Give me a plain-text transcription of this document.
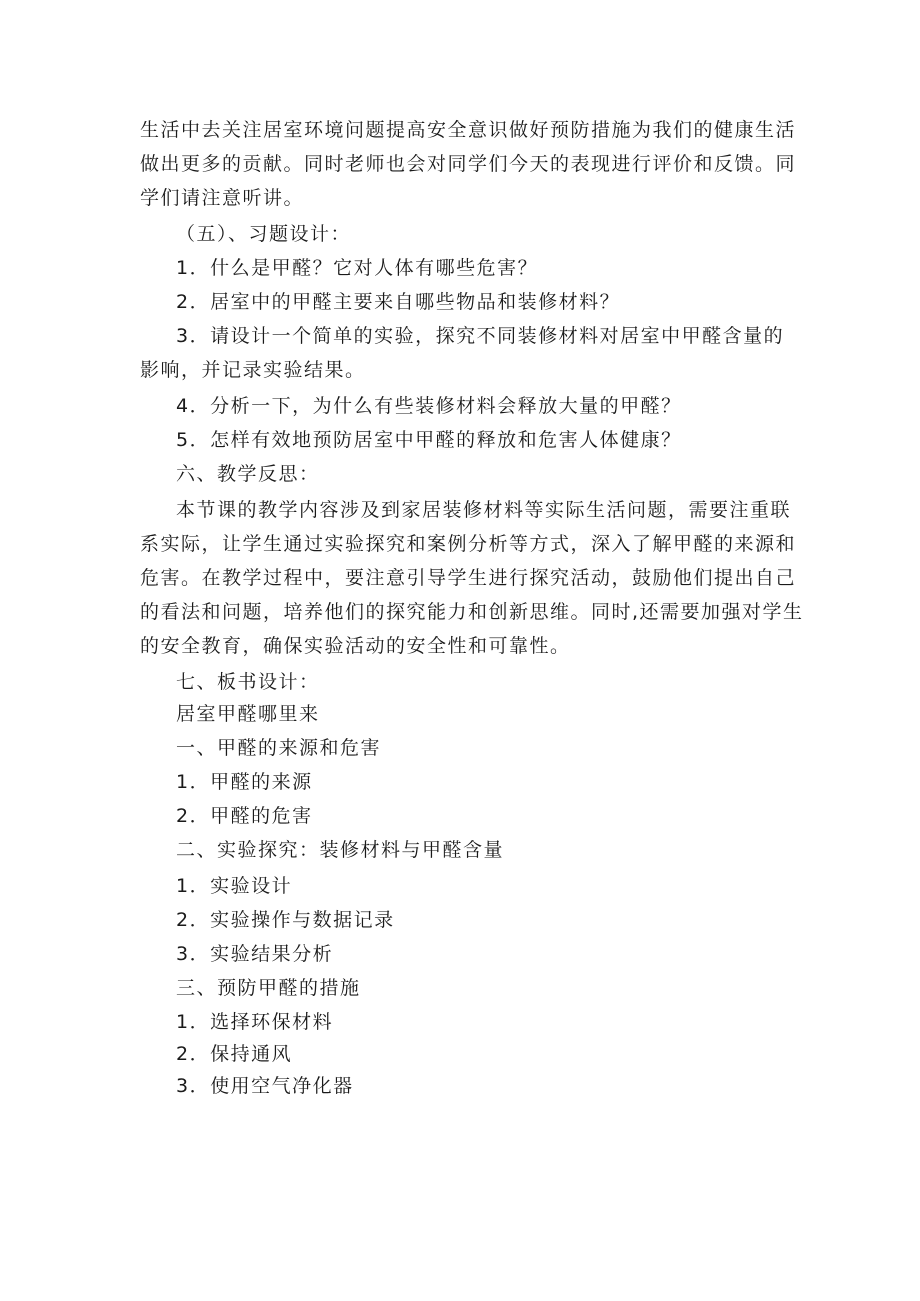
生活中去关注居室环境问题提高安全意识做好预防措施为我们的健康生活
做出更多的贡献。同时老师也会对同学们今天的表现进行评价和反馈。同
学们请注意听讲。
（五）、习题设计：
1．什么是甲醛？它对人体有哪些危害？
2．居室中的甲醛主要来自哪些物品和装修材料？
3．请设计一个简单的实验，探究不同装修材料对居室中甲醛含量的
影响，并记录实验结果。
4．分析一下，为什么有些装修材料会释放大量的甲醛？
5．怎样有效地预防居室中甲醛的释放和危害人体健康？
六、教学反思：
本节课的教学内容涉及到家居装修材料等实际生活问题，需要注重联
系实际，让学生通过实验探究和案例分析等方式，深入了解甲醛的来源和
危害。在教学过程中，要注意引导学生进行探究活动，鼓励他们提出自己
的看法和问题，培养他们的探究能力和创新思维。同时,还需要加强对学生
的安全教育，确保实验活动的安全性和可靠性。
七、板书设计：
居室甲醛哪里来
一、甲醛的来源和危害
1．甲醛的来源
2．甲醛的危害
二、实验探究：装修材料与甲醛含量
1．实验设计
2．实验操作与数据记录
3．实验结果分析
三、预防甲醛的措施
1．选择环保材料
2．保持通风
3．使用空气净化器
